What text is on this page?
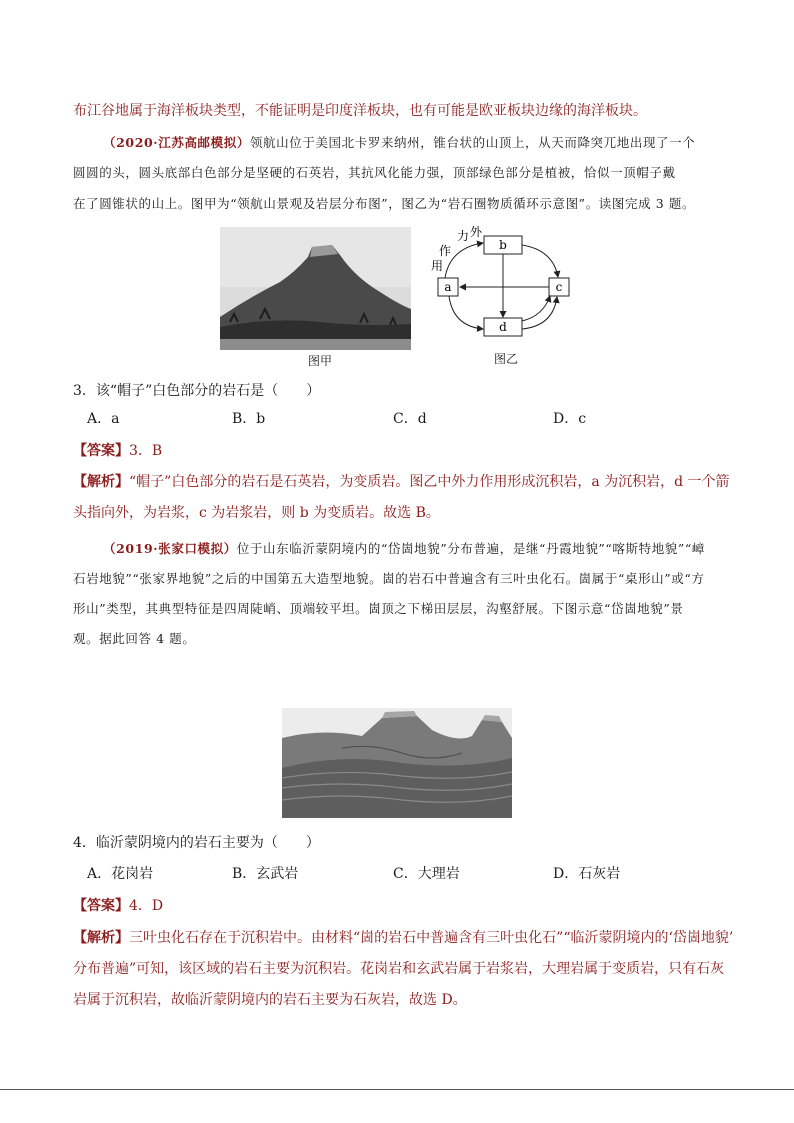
布江谷地属于海洋板块类型，不能证明是印度洋板块，也有可能是欧亚板块边缘的海洋板块。
（2020·江苏高邮模拟）领航山位于美国北卡罗来纳州，锥台状的山顶上，从天而降突兀地出现了一个
圆圆的头，圆头底部白色部分是坚硬的石英岩，其抗风化能力强，顶部绿色部分是植被，恰似一顶帽子戴
在了圆锥状的山上。图甲为“领航山景观及岩层分布图”，图乙为“岩石圈物质循环示意图”。读图完成 3 题。
图甲
b
a	c
d
作
用
力 外
图乙
3．该“帽子”白色部分的岩石是（　　）
A．a	B．b	C．d	D．c
【答案】3．B
【解析】“帽子”白色部分的岩石是石英岩，为变质岩。图乙中外力作用形成沉积岩，a 为沉积岩，d 一个箭
头指向外，为岩浆，c 为岩浆岩，则 b 为变质岩。故选 B。
（2019·张家口模拟）位于山东临沂蒙阴境内的“岱崮地貌”分布普遍，是继“丹霞地貌”“喀斯特地貌”“嶂
石岩地貌”“张家界地貌”之后的中国第五大造型地貌。崮的岩石中普遍含有三叶虫化石。崮属于“桌形山”或“方
形山”类型，其典型特征是四周陡峭、顶端较平坦。崮顶之下梯田层层，沟壑舒展。下图示意“岱崮地貌”景
观。据此回答 4 题。
4．临沂蒙阴境内的岩石主要为（　　）
A．花岗岩	B．玄武岩	C．大理岩	D．石灰岩
【答案】4．D
【解析】三叶虫化石存在于沉积岩中。由材料“崮的岩石中普遍含有三叶虫化石”“临沂蒙阴境内的‘岱崮地貌’
分布普遍”可知，该区域的岩石主要为沉积岩。花岗岩和玄武岩属于岩浆岩，大理岩属于变质岩，只有石灰
岩属于沉积岩，故临沂蒙阴境内的岩石主要为石灰岩，故选 D。
